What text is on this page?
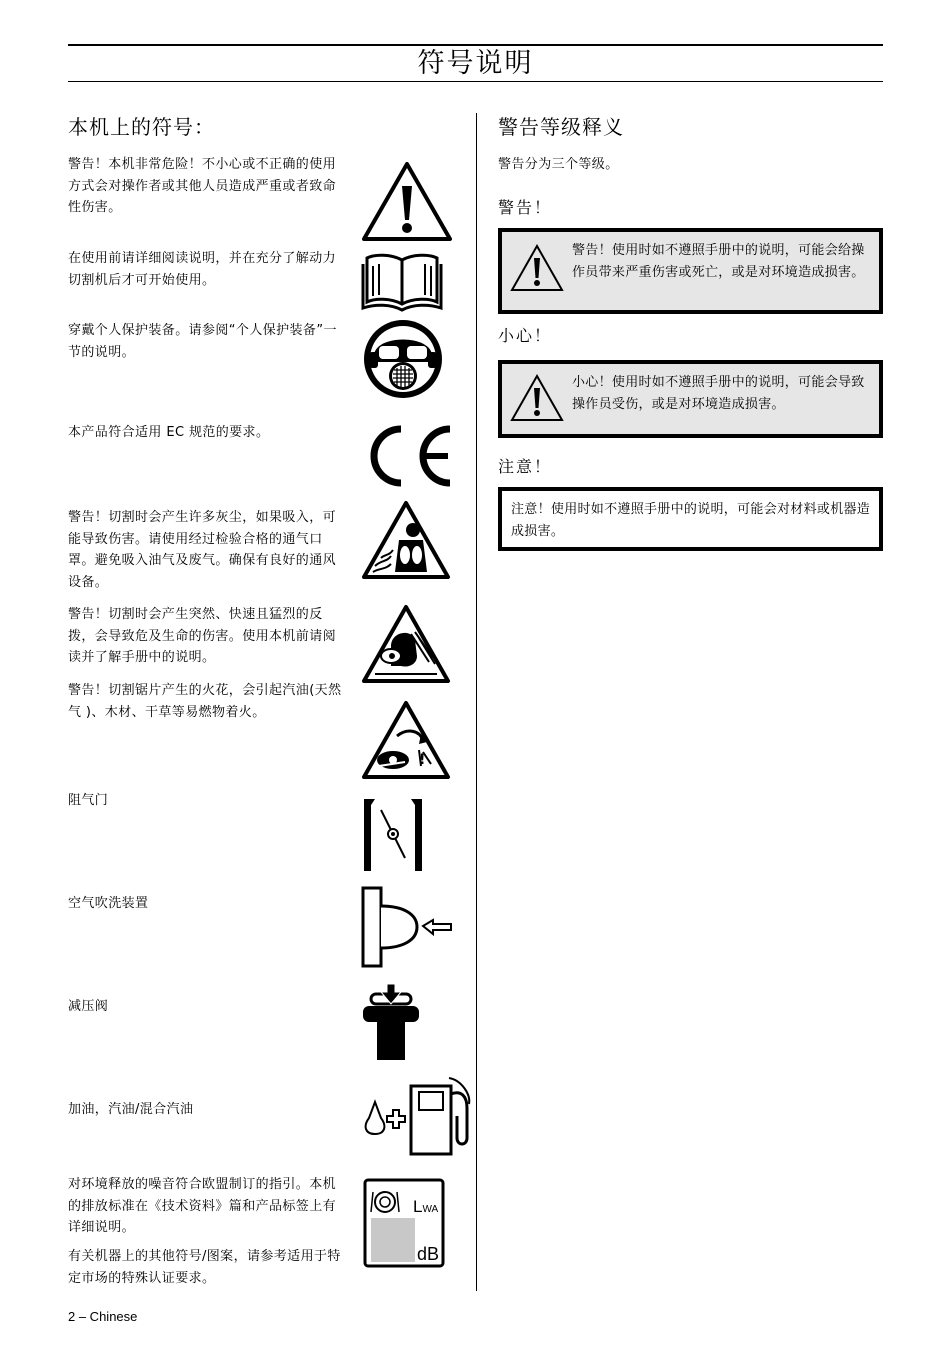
符号说明
本机上的符号：
警告！本机非常危险！不小心或不正确的使用方式会对操作者或其他人员造成严重或者致命性伤害。
在使用前请详细阅读说明，并在充分了解动力切割机后才可开始使用。
穿戴个人保护装备。请参阅“个人保护装备”一节的说明。
本产品符合适用 EC 规范的要求。
警告！切割时会产生许多灰尘，如果吸入，可能导致伤害。请使用经过检验合格的通气口罩。避免吸入油气及废气。确保有良好的通风设备。
警告！切割时会产生突然、快速且猛烈的反拨，会导致危及生命的伤害。使用本机前请阅读并了解手册中的说明。
警告！切割锯片产生的火花，会引起汽油(天然气 )、木材、干草等易燃物着火。
阻气门
空气吹洗装置
减压阀
加油，汽油/混合汽油
对环境释放的噪音符合欧盟制订的指引。本机的排放标准在《技术资料》篇和产品标签上有详细说明。
有关机器上的其他符号/图案，请参考适用于特定市场的特殊认证要求。
!
LWA
dB
警告等级释义
警告分为三个等级。
警告！
警告！使用时如不遵照手册中的说明，可能会给操作员带来严重伤害或死亡，或是对环境造成损害。
小心！
小心！使用时如不遵照手册中的说明，可能会导致操作员受伤，或是对环境造成损害。
注意！
注意！使用时如不遵照手册中的说明，可能会对材料或机器造成损害。
2 – Chinese
